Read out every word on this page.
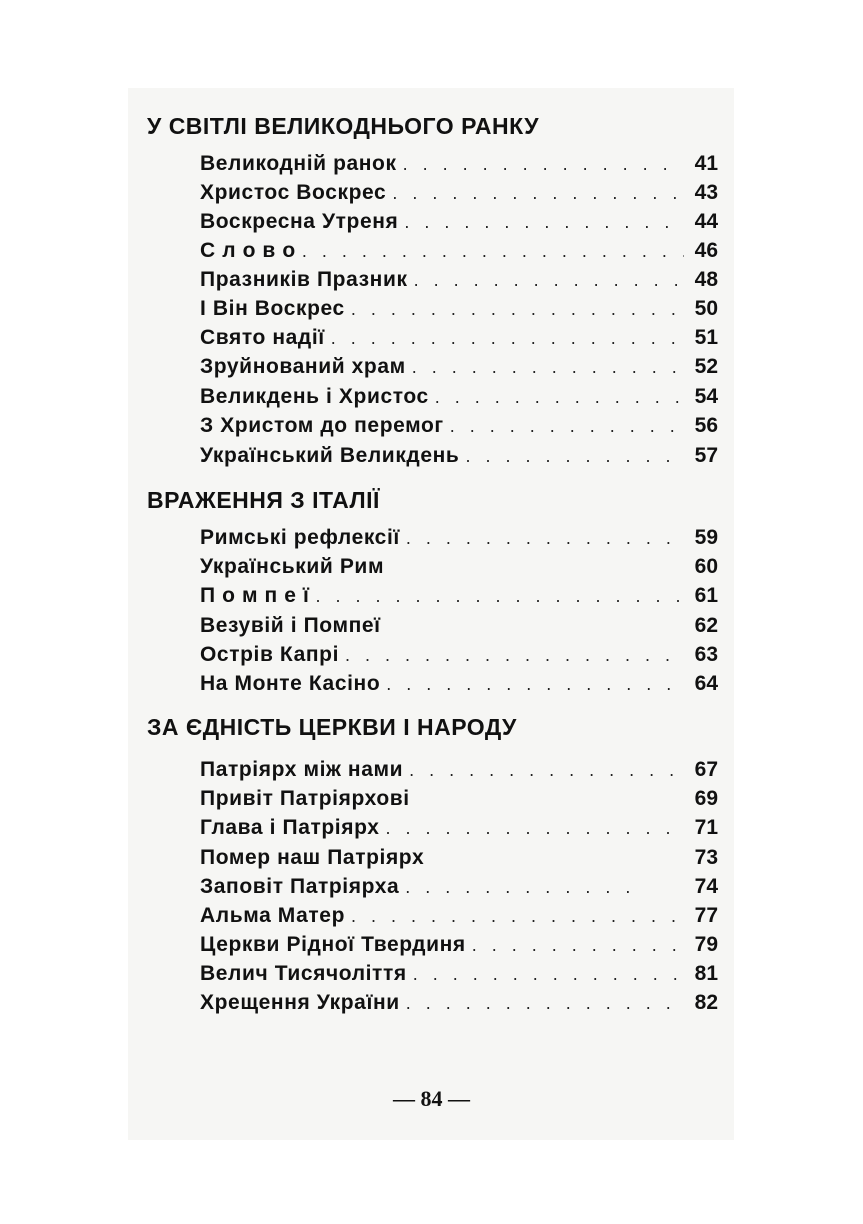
У СВІТЛІ ВЕЛИКОДНЬОГО РАНКУ
Великодній ранок . . .	41
Христос Воскрес . . .	43
Воскресна Утреня . . .	44
С л о в о . . .	46
Празників Празник . . .	48
І Він Воскрес . . .	50
Свято надії . . .	51
Зруйнований храм . . .	52
Великдень і Христос . . .	54
З Христом до перемог . . .	56
Український Великдень . . .	57
ВРАЖЕННЯ З ІТАЛІЇ
Римські рефлексії . . .	59
Український Рим	60
П о м п е ї . . .	61
Везувій і Помпеї	62
Острів Капрі . . .	63
На Монте Касіно . . .	64
ЗА ЄДНІСТЬ ЦЕРКВИ І НАРОДУ
Патріярх між нами . . .	67
Привіт Патріярхові	69
Глава і Патріярх . . .	71
Помер наш Патріярх	73
Заповіт Патріярха . . .	74
Альма Матер . . .	77
Церкви Рідної Твердиня . . .	79
Велич Тисячоліття . . .	81
Хрещення України . . .	82
— 84 —
